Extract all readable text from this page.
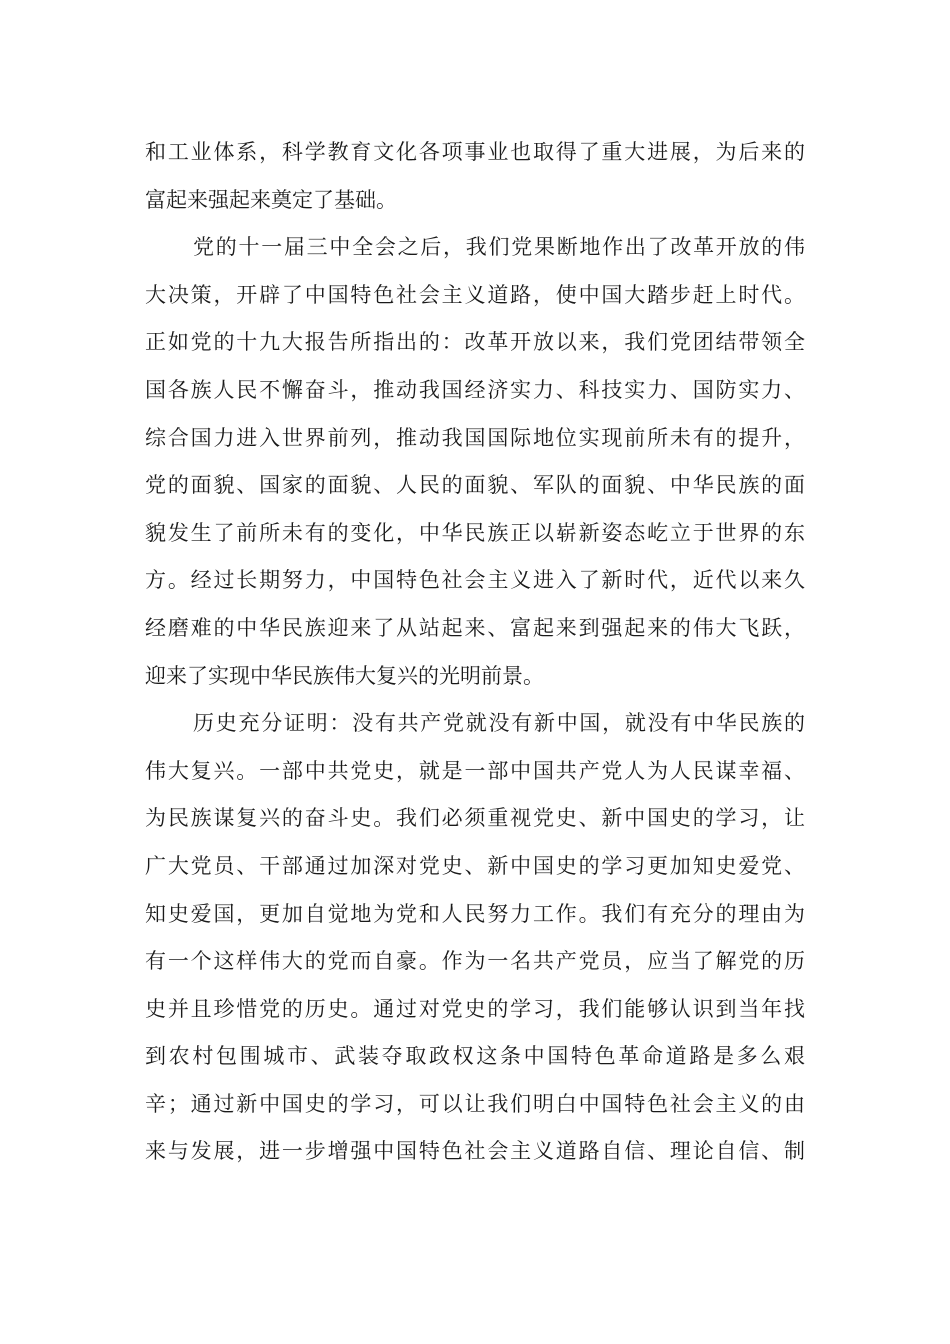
和工业体系，科学教育文化各项事业也取得了重大进展，为后来的
富起来强起来奠定了基础。
党的十一届三中全会之后，我们党果断地作出了改革开放的伟
大决策，开辟了中国特色社会主义道路，使中国大踏步赶上时代。
正如党的十九大报告所指出的：改革开放以来，我们党团结带领全
国各族人民不懈奋斗，推动我国经济实力、科技实力、国防实力、
综合国力进入世界前列，推动我国国际地位实现前所未有的提升，
党的面貌、国家的面貌、人民的面貌、军队的面貌、中华民族的面
貌发生了前所未有的变化，中华民族正以崭新姿态屹立于世界的东
方。经过长期努力，中国特色社会主义进入了新时代，近代以来久
经磨难的中华民族迎来了从站起来、富起来到强起来的伟大飞跃，
迎来了实现中华民族伟大复兴的光明前景。
历史充分证明：没有共产党就没有新中国，就没有中华民族的
伟大复兴。一部中共党史，就是一部中国共产党人为人民谋幸福、
为民族谋复兴的奋斗史。我们必须重视党史、新中国史的学习，让
广大党员、干部通过加深对党史、新中国史的学习更加知史爱党、
知史爱国，更加自觉地为党和人民努力工作。我们有充分的理由为
有一个这样伟大的党而自豪。作为一名共产党员，应当了解党的历
史并且珍惜党的历史。通过对党史的学习，我们能够认识到当年找
到农村包围城市、武装夺取政权这条中国特色革命道路是多么艰
辛；通过新中国史的学习，可以让我们明白中国特色社会主义的由
来与发展，进一步增强中国特色社会主义道路自信、理论自信、制
